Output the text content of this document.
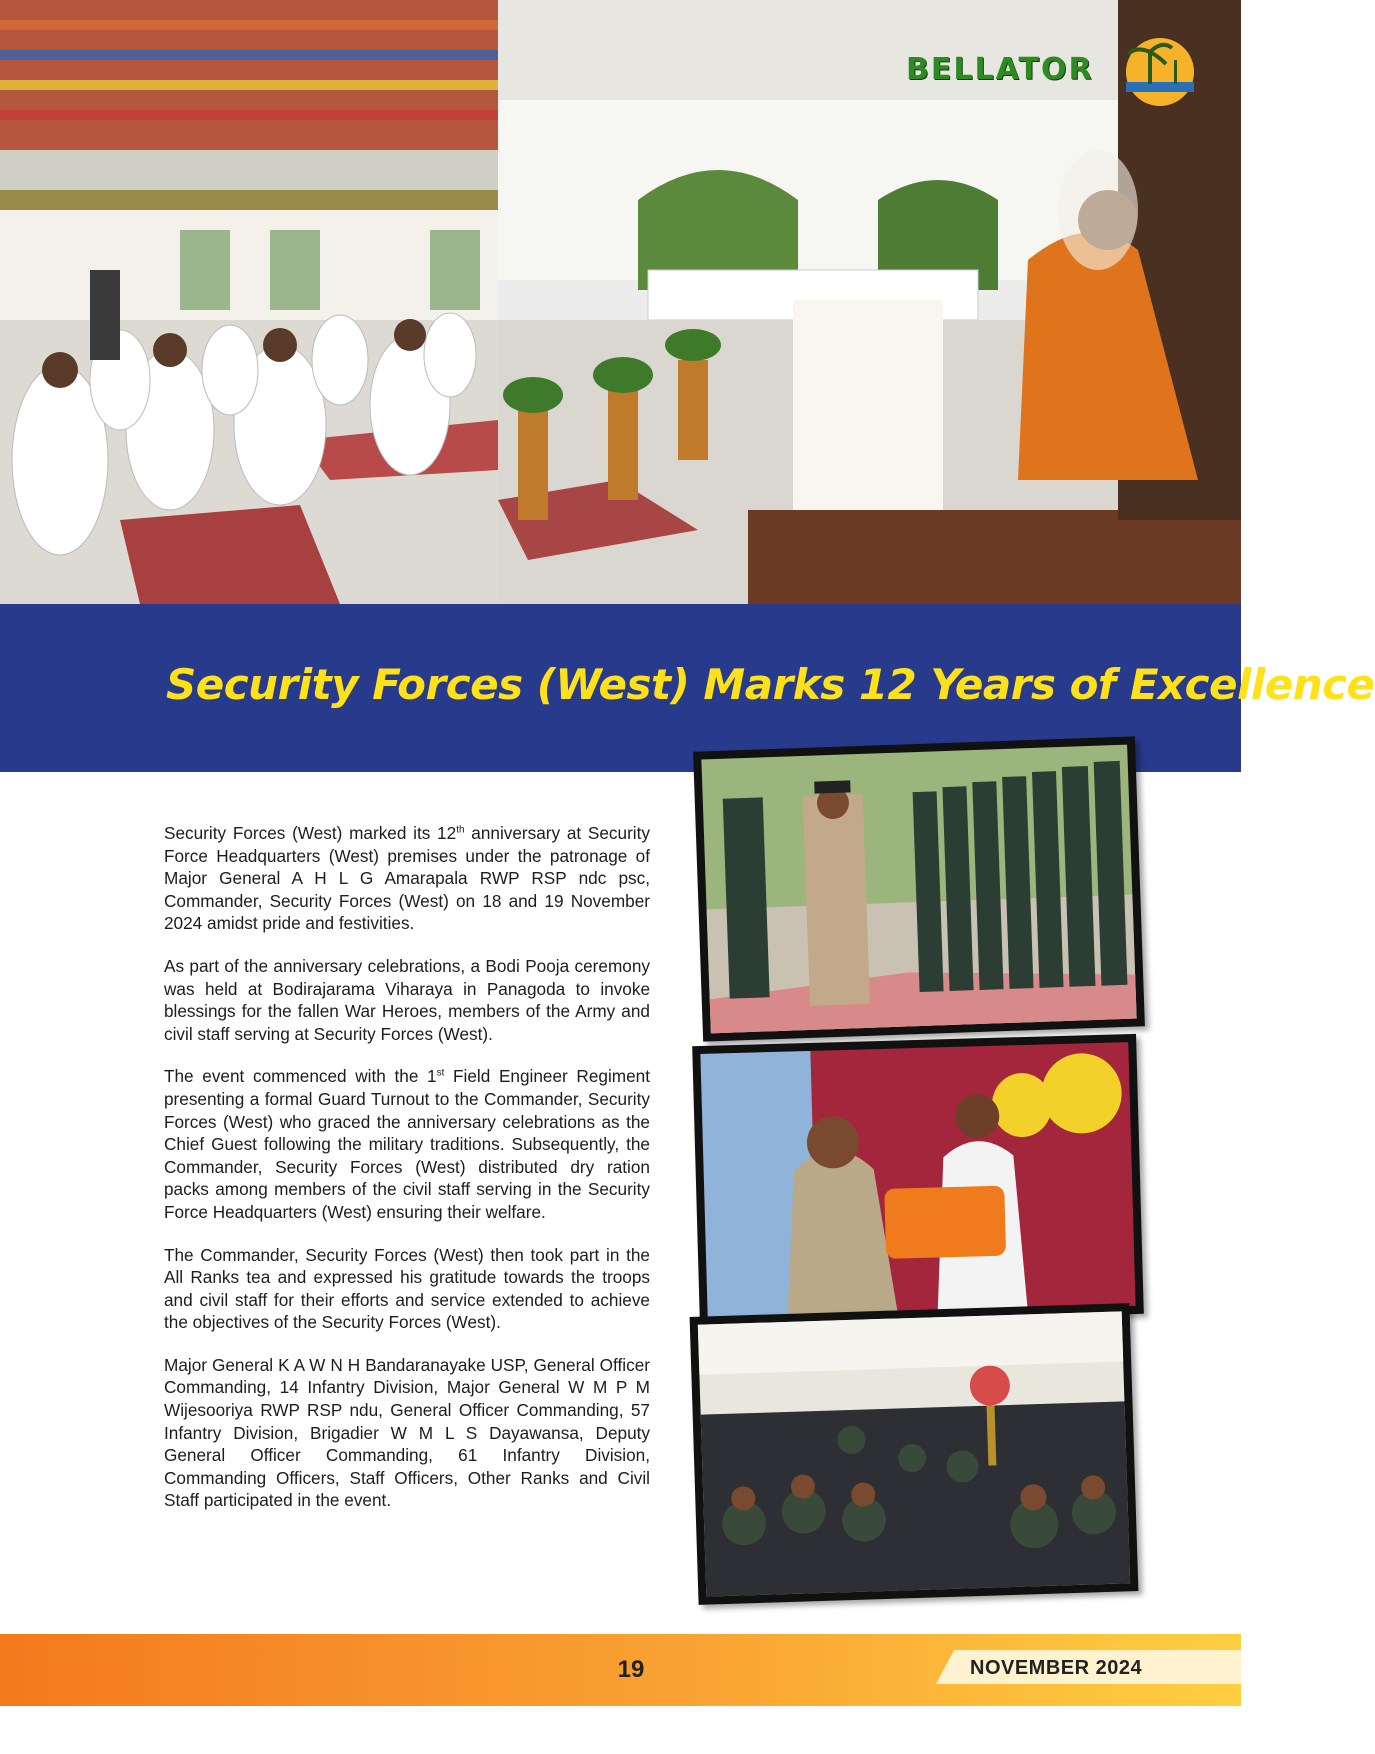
BELLATOR
Security Forces (West) Marks 12 Years of Excellence

Security Forces (West) marked its 12th anniversary at Security Force Headquarters (West) premises under the patronage of Major General A H L G Amarapala RWP RSP ndc psc, Commander, Security Forces (West) on 18 and 19 November 2024 amidst pride and festivities.

As part of the anniversary celebrations, a Bodi Pooja ceremony was held at Bodirajarama Viharaya in Panagoda to invoke blessings for the fallen War Heroes, members of the Army and civil staff serving at Security Forces (West).

The event commenced with the 1st Field Engineer Regiment presenting a formal Guard Turnout to the Commander, Security Forces (West) who graced the anniversary celebrations as the Chief Guest following the military traditions. Subsequently, the Commander, Security Forces (West) distributed dry ration packs among members of the civil staff serving in the Security Force Headquarters (West) ensuring their welfare.

The Commander, Security Forces (West) then took part in the All Ranks tea and expressed his gratitude towards the troops and civil staff for their efforts and service extended to achieve the objectives of the Security Forces (West).

Major General K A W N H Bandaranayake USP, General Officer Commanding, 14 Infantry Division, Major General W M P M Wijesooriya RWP RSP ndu, General Officer Commanding, 57 Infantry Division, Brigadier W M L S Dayawansa, Deputy General Officer Commanding, 61 Infantry Division, Commanding Officers, Staff Officers, Other Ranks and Civil Staff participated in the event.

19	NOVEMBER 2024
